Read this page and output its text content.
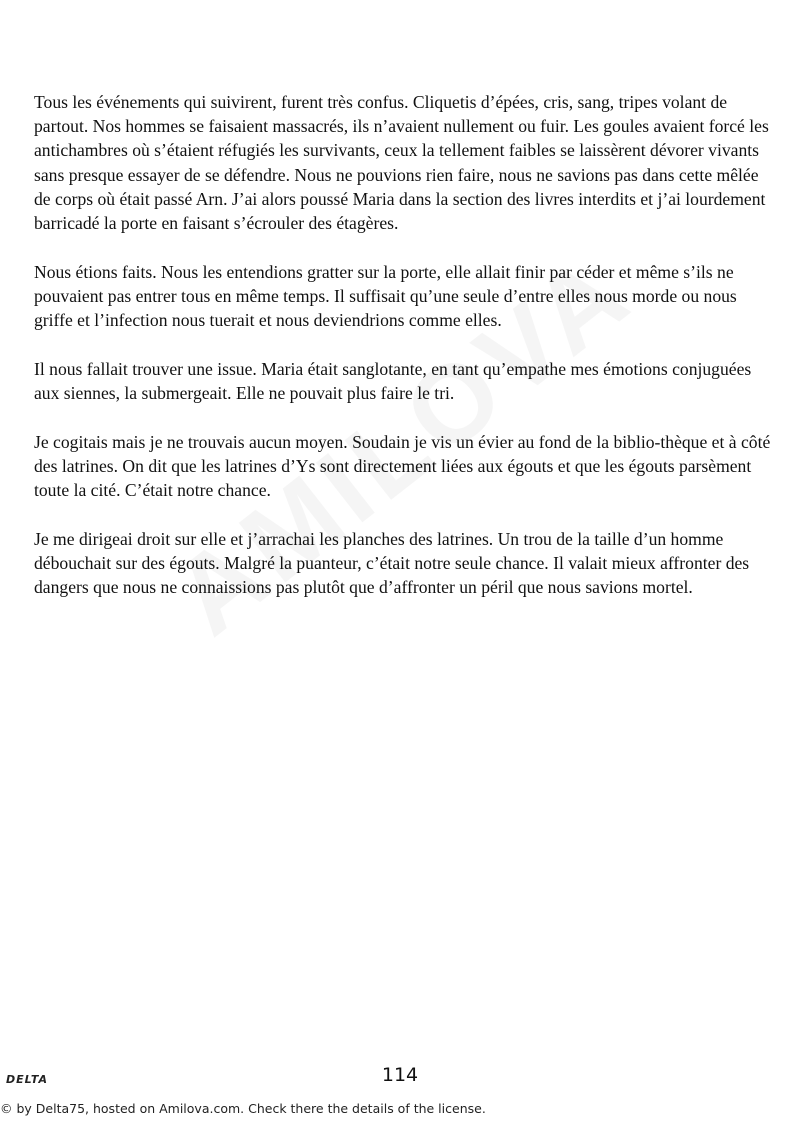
Tous les événements qui suivirent, furent très confus. Cliquetis d’épées, cris, sang, tripes volant de partout. Nos hommes se faisaient massacrés, ils n’avaient nullement ou fuir. Les goules avaient forcé les antichambres où s’étaient réfugiés les survivants, ceux la tellement faibles se laissèrent dévorer vivants sans presque essayer de se défendre. Nous ne pouvions rien faire, nous ne savions pas dans cette mêlée de corps où était passé Arn. J’ai alors poussé Maria dans la section des livres interdits et j’ai lourdement barricadé la porte en faisant s’écrouler des étagères.

Nous étions faits. Nous les entendions gratter sur la porte, elle allait finir par céder et même s’ils ne pouvaient pas entrer tous en même temps. Il suffisait qu’une seule d’entre elles nous morde ou nous griffe et l’infection nous tuerait et nous deviendrions comme elles.

Il nous fallait trouver une issue. Maria était sanglotante, en tant qu’empathe mes émotions conjuguées aux siennes, la submergeait. Elle ne pouvait plus faire le tri.

Je cogitais mais je ne trouvais aucun moyen. Soudain je vis un évier au fond de la biblio-thèque et à côté des latrines. On dit que les latrines d’Ys sont directement liées aux égouts et que les égouts parsèment toute la cité. C’était notre chance.

Je me dirigeai droit sur elle et j’arrachai les planches des latrines. Un trou de la taille d’un homme débouchait sur des égouts. Malgré la puanteur, c’était notre seule chance. Il valait mieux affronter des dangers que nous ne connaissions pas plutôt que d’affronter un péril que nous savions mortel.

DELTA	114
© by Delta75, hosted on Amilova.com. Check there the details of the license.
